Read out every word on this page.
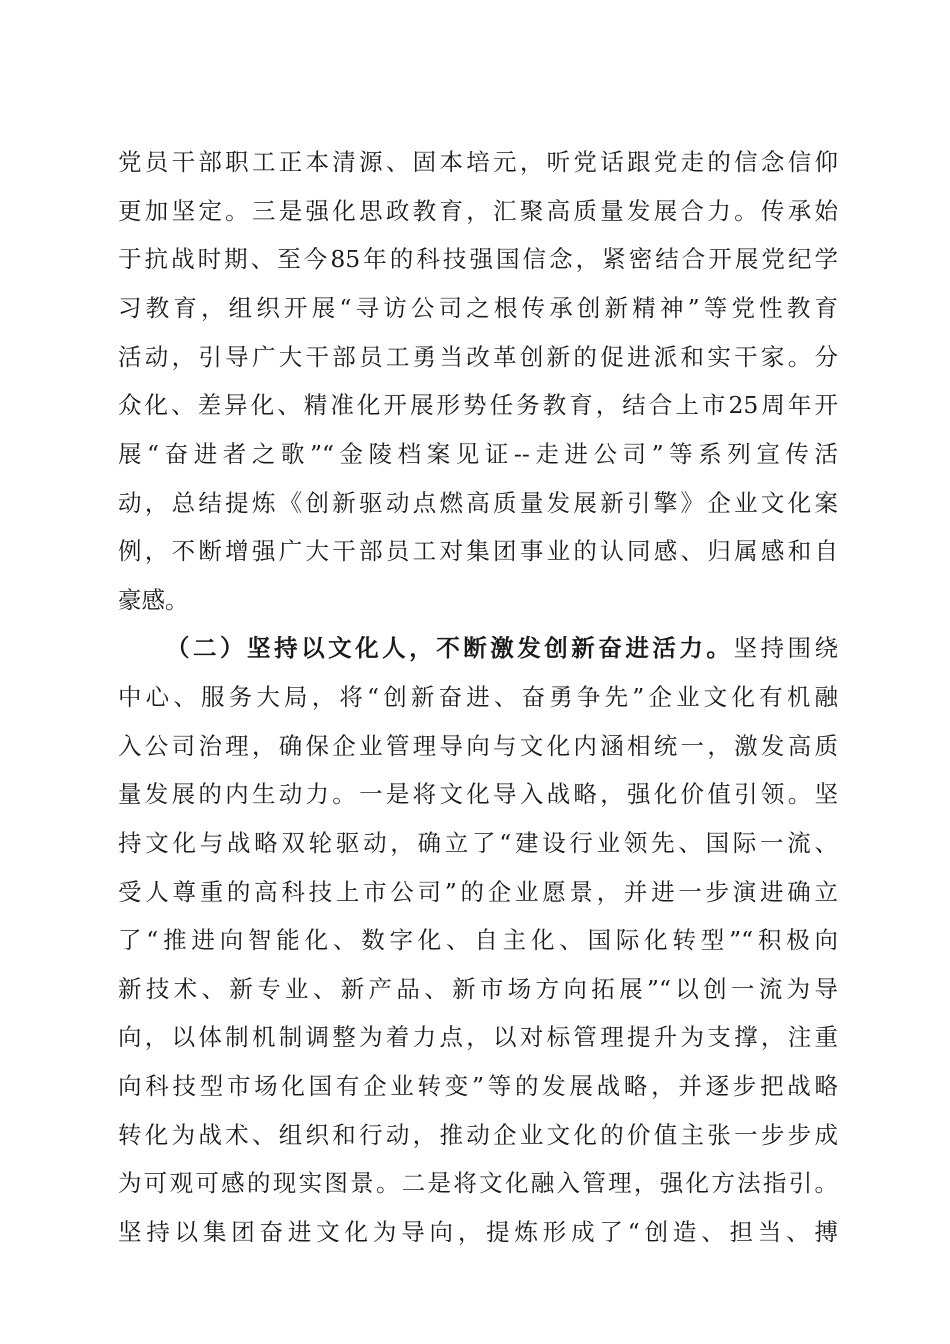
党员干部职工正本清源、固本培元，听党话跟党走的信念信仰
更加坚定。三是强化思政教育，汇聚高质量发展合力。传承始
于抗战时期、至今85年的科技强国信念，紧密结合开展党纪学
习教育，组织开展“寻访公司之根传承创新精神”等党性教育
活动，引导广大干部员工勇当改革创新的促进派和实干家。分
众化、差异化、精准化开展形势任务教育，结合上市25周年开
展“奋进者之歌”“金陵档案见证--走进公司”等系列宣传活
动，总结提炼《创新驱动点燃高质量发展新引擎》企业文化案
例，不断增强广大干部员工对集团事业的认同感、归属感和自
豪感。
（二）坚持以文化人，不断激发创新奋进活力。坚持围绕
中心、服务大局，将“创新奋进、奋勇争先”企业文化有机融
入公司治理，确保企业管理导向与文化内涵相统一，激发高质
量发展的内生动力。一是将文化导入战略，强化价值引领。坚
持文化与战略双轮驱动，确立了“建设行业领先、国际一流、
受人尊重的高科技上市公司”的企业愿景，并进一步演进确立
了“推进向智能化、数字化、自主化、国际化转型”“积极向
新技术、新专业、新产品、新市场方向拓展”“以创一流为导
向，以体制机制调整为着力点，以对标管理提升为支撑，注重
向科技型市场化国有企业转变”等的发展战略，并逐步把战略
转化为战术、组织和行动，推动企业文化的价值主张一步步成
为可观可感的现实图景。二是将文化融入管理，强化方法指引。
坚持以集团奋进文化为导向，提炼形成了“创造、担当、搏
